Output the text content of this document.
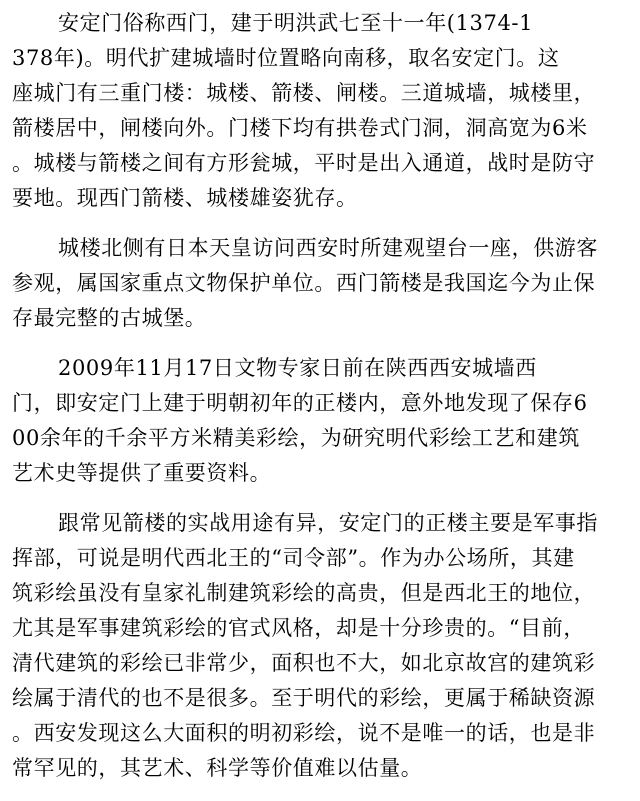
安定门俗称西门，建于明洪武七至十一年(1374-1
378年)。明代扩建城墙时位置略向南移，取名安定门。这
座城门有三重门楼：城楼、箭楼、闸楼。三道城墙，城楼里，
箭楼居中，闸楼向外。门楼下均有拱卷式门洞，洞高宽为6米
。城楼与箭楼之间有方形瓮城，平时是出入通道，战时是防守
要地。现西门箭楼、城楼雄姿犹存。
城楼北侧有日本天皇访问西安时所建观望台一座，供游客
参观，属国家重点文物保护单位。西门箭楼是我国迄今为止保
存最完整的古城堡。
2009年11月17日文物专家日前在陕西西安城墙西
门，即安定门上建于明朝初年的正楼内，意外地发现了保存6
00余年的千余平方米精美彩绘，为研究明代彩绘工艺和建筑
艺术史等提供了重要资料。
跟常见箭楼的实战用途有异，安定门的正楼主要是军事指
挥部，可说是明代西北王的“司令部”。作为办公场所，其建
筑彩绘虽没有皇家礼制建筑彩绘的高贵，但是西北王的地位，
尤其是军事建筑彩绘的官式风格，却是十分珍贵的。“目前，
清代建筑的彩绘已非常少，面积也不大，如北京故宫的建筑彩
绘属于清代的也不是很多。至于明代的彩绘，更属于稀缺资源
。西安发现这么大面积的明初彩绘，说不是唯一的话，也是非
常罕见的，其艺术、科学等价值难以估量。
